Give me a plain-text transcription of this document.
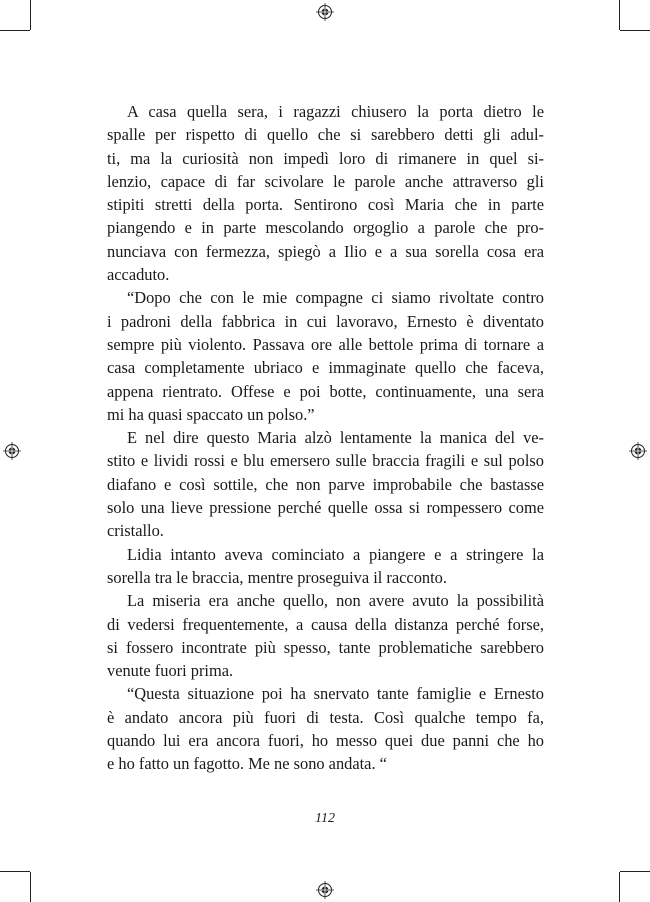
A casa quella sera, i ragazzi chiusero la porta dietro le
spalle per rispetto di quello che si sarebbero detti gli adul-
ti, ma la curiosità non impedì loro di rimanere in quel si-
lenzio, capace di far scivolare le parole anche attraverso gli
stipiti stretti della porta. Sentirono così Maria che in parte
piangendo e in parte mescolando orgoglio a parole che pro-
nunciava con fermezza, spiegò a Ilio e a sua sorella cosa era
accaduto.
“Dopo che con le mie compagne ci siamo rivoltate contro
i padroni della fabbrica in cui lavoravo, Ernesto è diventato
sempre più violento. Passava ore alle bettole prima di tornare a
casa completamente ubriaco e immaginate quello che faceva,
appena rientrato. Offese e poi botte, continuamente, una sera
mi ha quasi spaccato un polso.”
E nel dire questo Maria alzò lentamente la manica del ve-
stito e lividi rossi e blu emersero sulle braccia fragili e sul polso
diafano e così sottile, che non parve improbabile che bastasse
solo una lieve pressione perché quelle ossa si rompessero come
cristallo.
Lidia intanto aveva cominciato a piangere e a stringere la
sorella tra le braccia, mentre proseguiva il racconto.
La miseria era anche quello, non avere avuto la possibilità
di vedersi frequentemente, a causa della distanza perché forse,
si fossero incontrate più spesso, tante problematiche sarebbero
venute fuori prima.
“Questa situazione poi ha snervato tante famiglie e Ernesto
è andato ancora più fuori di testa. Così qualche tempo fa,
quando lui era ancora fuori, ho messo quei due panni che ho
e ho fatto un fagotto. Me ne sono andata. “
112
